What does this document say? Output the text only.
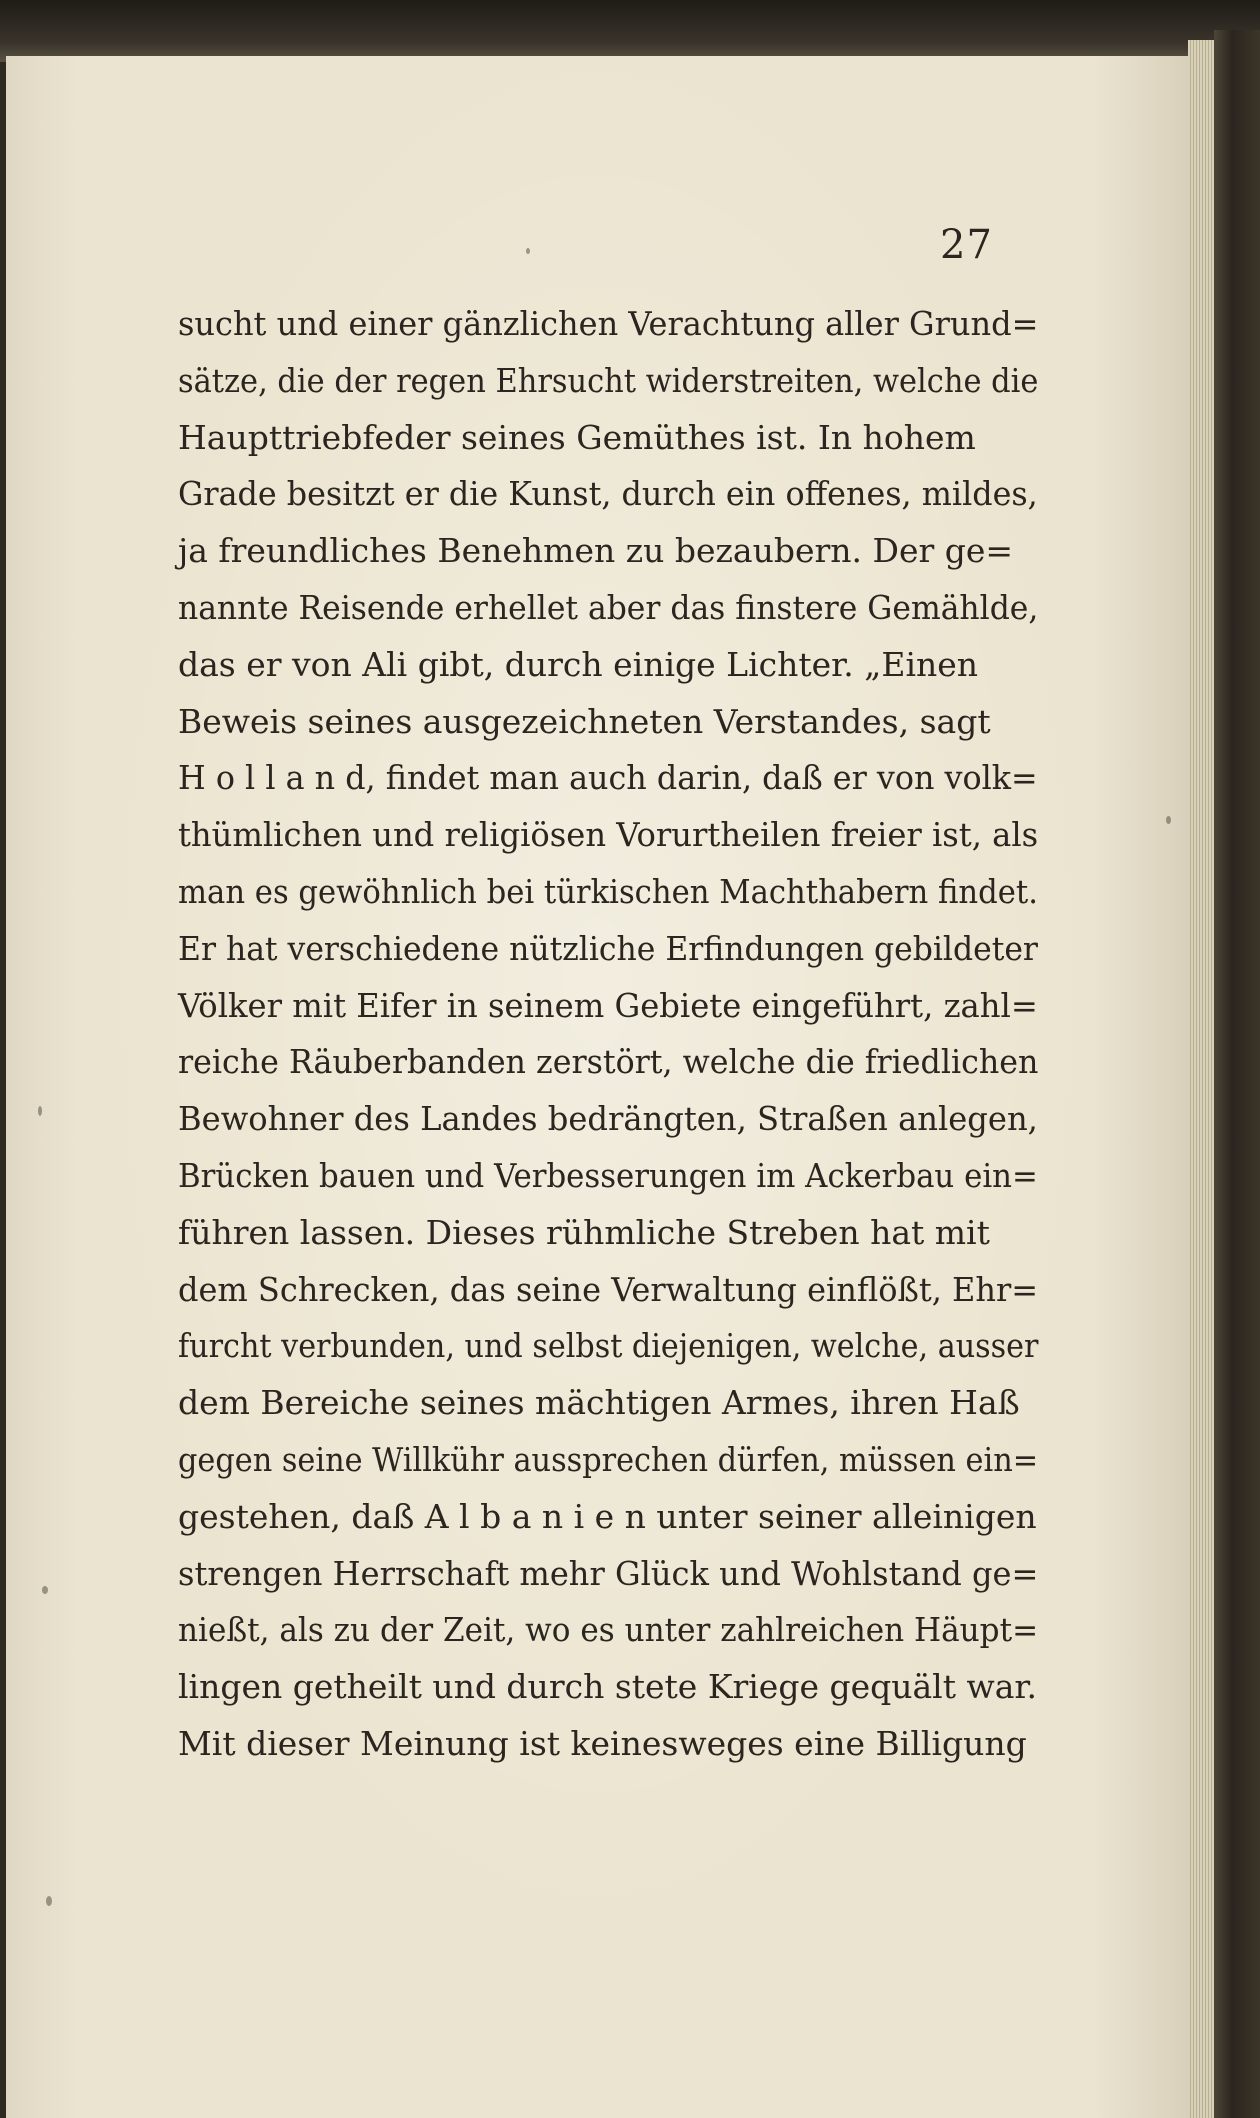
27
sucht und einer gänzlichen Verachtung aller Grund=
sätze, die der regen Ehrsucht widerstreiten, welche die
Haupttriebfeder seines Gemüthes ist. In hohem
Grade besitzt er die Kunst, durch ein offenes, mildes,
ja freundliches Benehmen zu bezaubern. Der ge=
nannte Reisende erhellet aber das finstere Gemählde,
das er von Ali gibt, durch einige Lichter. „Einen
Beweis seines ausgezeichneten Verstandes, sagt
H o l l a n d, findet man auch darin, daß er von volk=
thümlichen und religiösen Vorurtheilen freier ist, als
man es gewöhnlich bei türkischen Machthabern findet.
Er hat verschiedene nützliche Erfindungen gebildeter
Völker mit Eifer in seinem Gebiete eingeführt, zahl=
reiche Räuberbanden zerstört, welche die friedlichen
Bewohner des Landes bedrängten, Straßen anlegen,
Brücken bauen und Verbesserungen im Ackerbau ein=
führen lassen. Dieses rühmliche Streben hat mit
dem Schrecken, das seine Verwaltung einflößt, Ehr=
furcht verbunden, und selbst diejenigen, welche, ausser
dem Bereiche seines mächtigen Armes, ihren Haß
gegen seine Willkühr aussprechen dürfen, müssen ein=
gestehen, daß A l b a n i e n unter seiner alleinigen
strengen Herrschaft mehr Glück und Wohlstand ge=
nießt, als zu der Zeit, wo es unter zahlreichen Häupt=
lingen getheilt und durch stete Kriege gequält war.
Mit dieser Meinung ist keinesweges eine Billigung
